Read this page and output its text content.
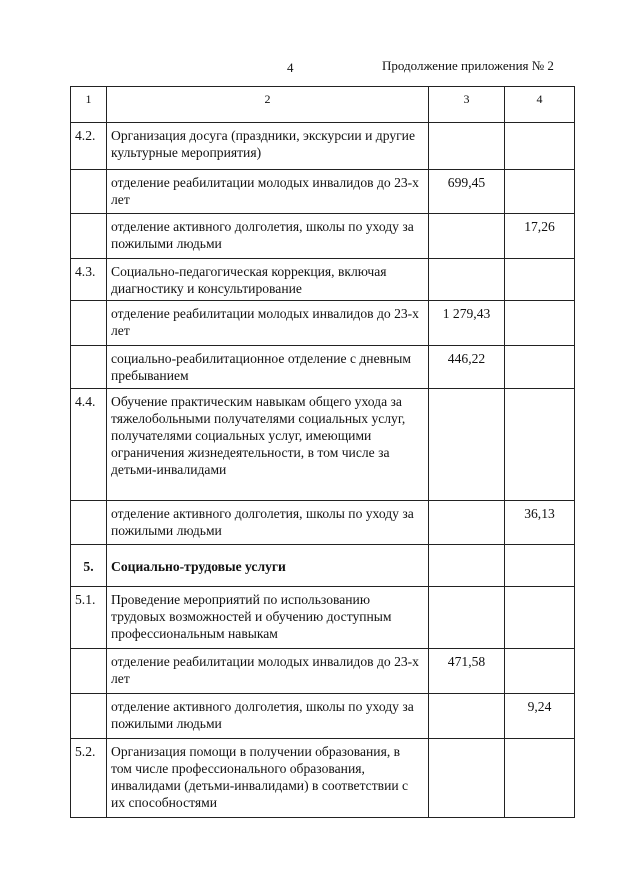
4	Продолжение приложения № 2
1	2	3	4
4.2.	Организация досуга (праздники, экскурсии и другие культурные мероприятия)		
	отделение реабилитации молодых инвалидов до 23-х лет	699,45	
	отделение активного долголетия, школы по уходу за пожилыми людьми		17,26
4.3.	Социально-педагогическая коррекция, включая диагностику и консультирование		
	отделение реабилитации молодых инвалидов до 23-х лет	1 279,43	
	социально-реабилитационное отделение с дневным пребыванием	446,22	
4.4.	Обучение практическим навыкам общего ухода за тяжелобольными получателями социальных услуг, получателями социальных услуг, имеющими ограничения жизнедеятельности, в том числе за детьми-инвалидами		
	отделение активного долголетия, школы по уходу за пожилыми людьми		36,13
5.	Социально-трудовые услуги		
5.1.	Проведение мероприятий по использованию трудовых возможностей и обучению доступным профессиональным навыкам		
	отделение реабилитации молодых инвалидов до 23-х лет	471,58	
	отделение активного долголетия, школы по уходу за пожилыми людьми		9,24
5.2.	Организация помощи в получении образования, в том числе профессионального образования, инвалидами (детьми-инвалидами) в соответствии с их способностями		
